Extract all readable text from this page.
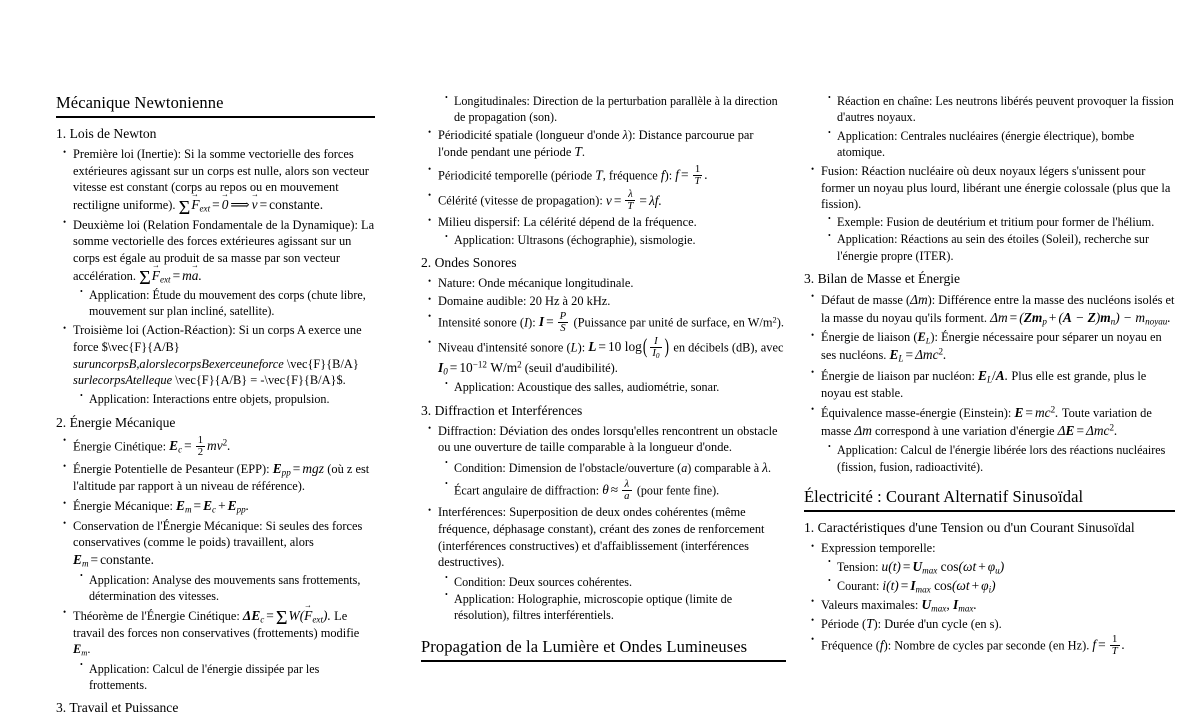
Mécanique Newtonienne
1. Lois de Newton
• Première loi (Inertie): Si la somme vectorielle des forces extérieures agissant sur un corps est nulle, alors son vecteur vitesse est constant (corps au repos ou en mouvement rectiligne uniforme). $\Sigma F \to_{ext} = 0$ → ⟹ v → = constante.
• Deuxième loi (Relation Fondamentale de la Dynamique): La somme vectorielle des forces extérieures agissant sur un corps est égale au produit de sa masse par son vecteur accélération. $\Sigma F \to_{ext}$ = ma →.
• Application: Étude du mouvement des corps (chute libre, mouvement sur plan incliné, satellite).
• Troisième loi (Action-Réaction): Si un corps A exerce une force $\vec{F}{A/B} suruncorpsB,alorslecorpsBexerceuneforce \vec{F}{B/A} surlecorpsAtelleque \vec{F}{A/B} = -\vec{F}{B/A}$.
• Application: Interactions entre objets, propulsion.
2. Énergie Mécanique
• Énergie Cinétique: $E_c = \frac{1}{2} mv^2$.
• Énergie Potentielle de Pesanteur (EPP): $E_{pp}$ = mgz (où z est l'altitude par rapport à un niveau de référence).
• Énergie Mécanique: $E_m = E_c + E_{pp}$.
• Conservation de l'Énergie Mécanique: Si seules des forces conservatives (comme le poids) travaillent, alors $E_m$ = constante.
• Application: Analyse des mouvements sans frottements, détermination des vitesses.
• Théorème de l'Énergie Cinétique: $\Delta E_c =\Sigma W(F \to_{ext})$. Le travail des forces non conservatives (frottements) modifie $E_m$.
• Application: Calcul de l'énergie dissipée par les frottements.
3. Travail et Puissance
• Longitudinales: Direction de la perturbation parallèle à la direction de propagation (son).
• Périodicité spatiale (longueur d'onde λ): Distance parcourue par l'onde pendant une période T.
• Périodicité temporelle (période T, fréquence f): $f = \frac{1}{T}$ .
• Célérité (vitesse de propagation): $v = \frac{\lambda}{T} = \lambda f$.
• Milieu dispersif: La célérité dépend de la fréquence.
• Application: Ultrasons (échographie), sismologie.
2. Ondes Sonores
• Nature: Onde mécanique longitudinale.
• Domaine audible: 20 Hz à 20 kHz.
• Intensité sonore (I): $I = \frac{P}{S}$ (Puissance par unité de surface, en $W/m^2$).
• Niveau d'intensité sonore (L): L = 10 $\log( \frac{I}{I_0}$ ) en décibels (dB), avec $I_0 = 10^{-12}$ $W/m^2$ (seuil d'audibilité).
• Application: Acoustique des salles, audiométrie, sonar.
3. Diffraction et Interférences
• Diffraction: Déviation des ondes lorsqu'elles rencontrent un obstacle ou une ouverture de taille comparable à la longueur d'onde.
• Condition: Dimension de l'obstacle/ouverture (a) comparable à λ.
• Écart angulaire de diffraction: $\theta \approx \frac{\lambda}{a}$ (pour fente fine).
• Interférences: Superposition de deux ondes cohérentes (même fréquence, déphasage constant), créant des zones de renforcement (interférences constructives) et d'affaiblissement (interférences destructives).
• Condition: Deux sources cohérentes.
• Application: Holographie, microscopie optique (limite de résolution), filtres interférentiels.
Propagation de la Lumière et Ondes Lumineuses
• Réaction en chaîne: Les neutrons libérés peuvent provoquer la fission d'autres noyaux.
• Application: Centrales nucléaires (énergie électrique), bombe atomique.
• Fusion: Réaction nucléaire où deux noyaux légers s'unissent pour former un noyau plus lourd, libérant une énergie colossale (plus que la fission).
• Exemple: Fusion de deutérium et tritium pour former de l'hélium.
• Application: Réactions au sein des étoiles (Soleil), recherche sur l'énergie propre (ITER).
3. Bilan de Masse et Énergie
• Défaut de masse (Δm): Différence entre la masse des nucléons isolés et la masse du noyau qu'ils forment. $\Delta m = (Zm_p + (A - Z)m_n) - m_{noyau}$.
• Énergie de liaison $(E_L)$: Énergie nécessaire pour séparer un noyau en ses nucléons. $E_L = \Delta mc^2$.
• Énergie de liaison par nucléon: $E_L/A$. Plus elle est grande, plus le noyau est stable.
• Équivalence masse-énergie (Einstein): $E = mc^2$. Toute variation de masse Δm correspond à une variation d'énergie ΔE = Δmc$^2$.
• Application: Calcul de l'énergie libérée lors des réactions nucléaires (fission, fusion, radioactivité).
Électricité : Courant Alternatif Sinusoïdal
1. Caractéristiques d'une Tension ou d'un Courant Sinusoïdal
• Expression temporelle:
• Tension: $u(t) = U_{max}$ $\cos(\omega t + \varphi_u)$
• Courant: $i(t) = I_{max}$ $\cos(\omega t + \varphi_i)$
• Valeurs maximales: $U_{max}$, $I_{max}$.
• Période (T): Durée d'un cycle (en s).
• Fréquence (f): Nombre de cycles par seconde (en Hz). $f = \frac{1}{T}$ .
